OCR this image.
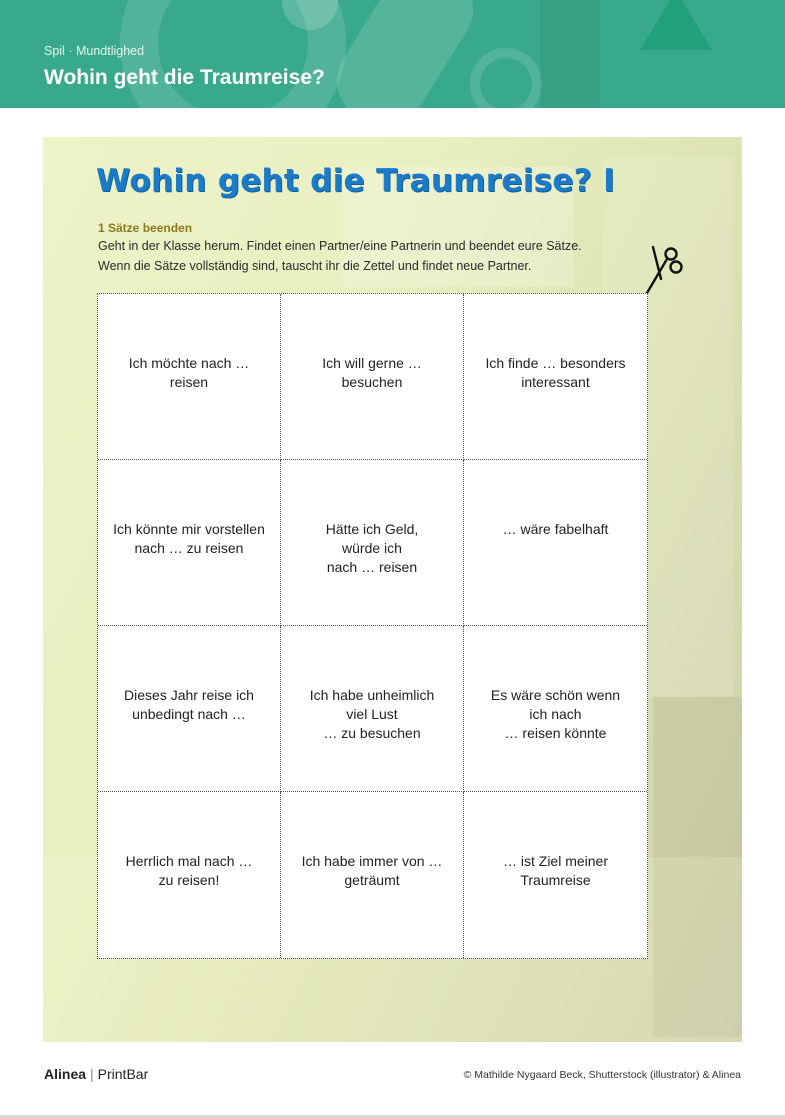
Spil · Mundtlighed
Wohin geht die Traumreise?
Wohin geht die Traumreise? I
1 Sätze beenden
Geht in der Klasse herum. Findet einen Partner/eine Partnerin und beendet eure Sätze.
Wenn die Sätze vollständig sind, tauscht ihr die Zettel und findet neue Partner.
Ich möchte nach …
reisen
Ich will gerne …
besuchen
Ich finde … besonders
interessant
Ich könnte mir vorstellen
nach … zu reisen
Hätte ich Geld,
würde ich
nach … reisen
… wäre fabelhaft
Dieses Jahr reise ich
unbedingt nach …
Ich habe unheimlich
viel Lust
… zu besuchen
Es wäre schön wenn
ich nach
… reisen könnte
Herrlich mal nach …
zu reisen!
Ich habe immer von …
geträumt
… ist Ziel meiner
Traumreise
Alinea | PrintBar	© Mathilde Nygaard Beck, Shutterstock (illustrator) & Alinea
